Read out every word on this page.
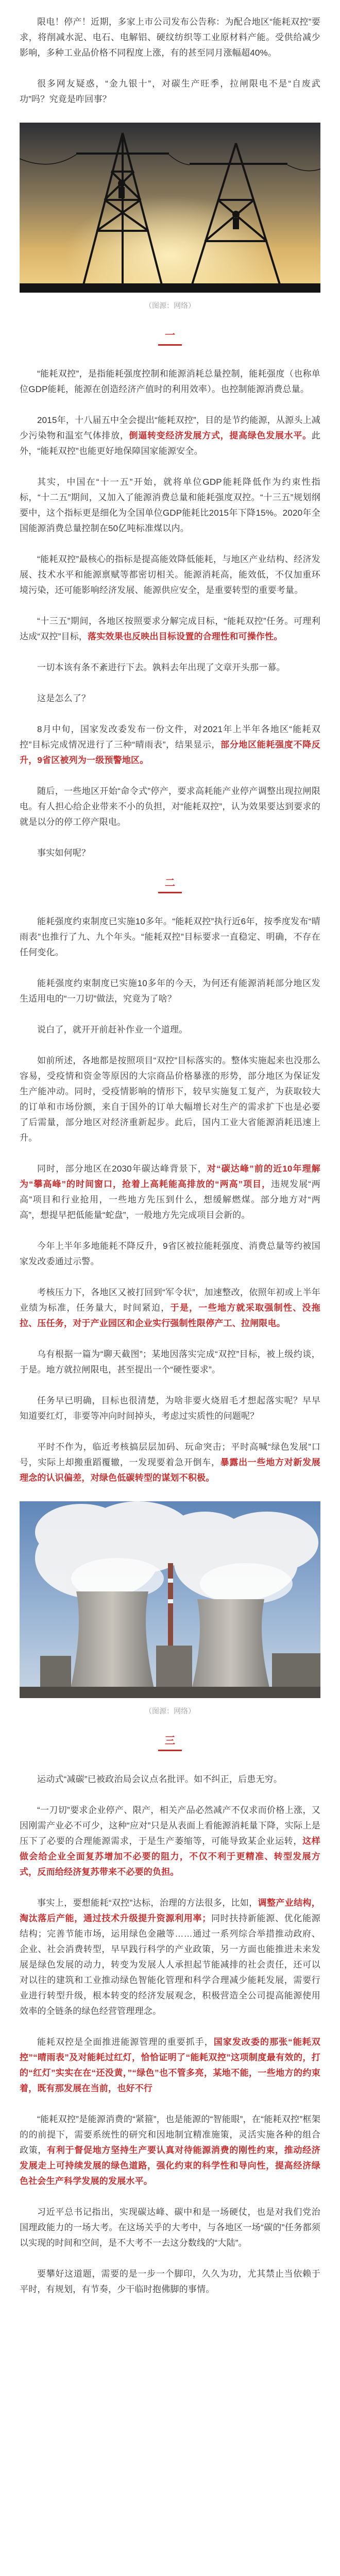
限电！停产！近期，多家上市公司发布公告称：为配合地区“能耗双控”要求，将削减水泥、电石、电解铝、硬纹纺织等工业原材料产能。受供给减少影响，多种工业品价格不同程度上涨，有的甚至同月涨幅超40%。

很多网友疑惑，“金九银十”，对碳生产旺季，拉闸限电不是“自废武功”吗？究竟是咋回事？

（图源：网络）
一

“能耗双控”，是指能耗强度控制和能源消耗总量控制，能耗强度（也称单位GDP能耗，能源在创造经济产值时的利用效率）。也控制能源消费总量。

2015年，十八届五中全会提出“能耗双控”，目的是节约能源，从源头上减少污染物和温室气体排放，倒逼转变经济发展方式，提高绿色发展水平。此外，“能耗双控”也能更好地保障国家能源安全。

其实，中国在“十一五”开始，就将单位GDP能耗降低作为约束性指标，“十二五”期间，又加入了能源消费总量和能耗强度双控。“十三五”规划纲要中，这个指标更是细化为全国单位GDP能耗比2015年下降15%。2020年全国能源消费总量控制在50亿吨标准煤以内。

“能耗双控”最核心的指标是提高能效降低能耗，与地区产业结构、经济发展、技术水平和能源禀赋等都密切相关。能源消耗高，能效低，不仅加重环境污染，还可能影响经济发展、能源供应安全，是重要转型的重要考量。

“十三五”期间，各地区按照要求分解完成目标，“能耗双控”任务。可理利达成“双控”目标，落实效果也反映出目标设置的合理性和可操作性。

一切本该有条不紊进行下去。孰料去年出现了文章开头那一幕。

这是怎么了？

8月中旬，国家发改委发布一份文件，对2021年上半年各地区“能耗双控”目标完成情况进行了三种“晴雨表”，结果显示，部分地区能耗强度不降反升，9省区被列为一级预警地区。

随后，一些地区开始“命令式”停产，要求高耗能产业停产调整出现拉闸限电。有人担心给企业带来不小的负担，对“能耗双控”，认为效果要达到要求的就是以分的停工停产限电。

事实如何呢？

二

能耗强度约束制度已实施10多年。“能耗双控”执行近6年，按季度发布“晴雨表”也推行了九、九个年头。“能耗双控”目标要求一直稳定、明确，不存在任何变化。

能耗强度约束制度已实施10多年的今天，为何还有能源消耗部分地区发生适用电的“一刀切”做法，究竟为了啥？

说白了，就开开前赶补作业一个道理。

如前所述，各地都是按照项目“双控”目标落实的。整体实施起来也没那么容易，受疫情和资金等原因的大宗商品价格暴涨的形势，部分地区为保证发生产能冲动。同时，受疫情影响的情形下，较早实施复工复产，为获取较大的订单和市场份额，来自于国外的订单大幅增长对生产的需求扩下也是必要了后需量，部分地区对经济重新起步。此后，国内工业大省能源消耗迅速上升。

同时，部分地区在2030年碳达峰背景下，对“碳达峰”前的近10年理解为“攀高峰”的时间窗口，抢着上高耗能高排放的“两高”项目，违规发展“两高”项目和行业抢用，一些地方先压到什么，想缓解燃煤。部分地方对“两高”，想提早把低能量“蛇盘”，一般地方先完成项目会新的。

今年上半年多地能耗不降反升，9省区被拉能耗强度、消费总量等约被国家发改委通过示警。

考核压力下，各地区又被打回到“军令状”，加速整改，依照年初或上半年业绩为标准，任务量大，时间紧迫，于是，一些地方就采取强制性、没拖拉、压任务，对于产业园区和企业实行强制性限停产工、拉闸限电。

乌有根据一篇为“聊天截图”；某地因落实完成“双控”目标，被上级约谈，于是。地方就拉闸限电，甚至提出一个“硬性要求”。

任务早已明确，目标也很清楚，为啥非要火烧眉毛才想起落实呢？早早知道要红灯，非要等冲向时间掉头，考虑过实质性的问题呢？

平时不作为，临近考核搞层层加码、玩命突击；平时高喊“绿色发展”口号，实际上却搬重蹈覆辙，一发现要着急开倒车，暴露出一些地方对新发展理念的认识偏差，对绿色低碳转型的谋划不积极。

（图源：网络）
三

运动式“减碳”已被政治局会议点名批评。如不纠正，后患无穷。

“一刀切”要求企业停产、限产，相关产品必然减产不仅求而价格上涨，又因刚需产业必不可少，这种“应对”只是从表面上看能源消耗量下降，实际上是压下了必要的合理能源需求，于是生产萎缩等，可能导致某企业运转，这样做会给企业全面复苏增加不必要的阻力，不仅不利于更精准、转型发展方式，反而给经济复苏带来不必要的负担。

事实上，要想能耗“双控”达标，治理的方法很多，比如，调整产业结构，淘汰落后产能，通过技术升级提升资源利用率；同时扶持新能源、优化能源结构；完善节能市场，运用绿色金融等……通过一系列综合举措推动政府、企业、社会消费转型，早早践行科学的产业政策，另一方面也能推进未来发展是绿色发展的动力，转变为发展人人承担起节能减排的社会责任，还可以对以往的建筑和工业推动绿色智能化管理和科学合理减少能耗发展，需要行业进行转型升级，根本转变的经济发展观念，积极营造全公司提高能源使用效率的全链条的绿色经营管理理念。

能耗双控是全面推进能源管理的重要抓手，国家发改委的那张“能耗双控”“晴雨表”及对能耗过红灯，恰恰证明了“能耗双控”这项制度最有效的，打的“红灯”实实在在“还没黄，”“绿色”也不管多亮，某地不能，一些地方的约束着，既有那发展在当前，也好不行

“能耗双控”是能源消费的“紧箍”，也是能源的“智能眼”，在“能耗双控”框架的的前提下，需要系统性的研究和因地制宜精准施策，灵活实施各种的组合政策，有利于督促地方坚持生产要认真对待能源消费的刚性约束，推动经济发展走上可持续发展的绿色道路，强化约束的科学性和导向性，提高经济绿色社会生产科学发展的发展水平。

习近平总书记指出，实现碳达峰、碳中和是一场硬仗，也是对我们党治国理政能力的一场大考。在这场关乎的大考中，与各地区一场“碳的”任务都须以实现的时间和空间，是不大考不一去这分数线的“大陆”。

要攀好这道题，需要的是一步一个脚印，久久为功，尤其禁止当依赖于平时，有规划，有节奏，少干临时抱佛脚的事情。
